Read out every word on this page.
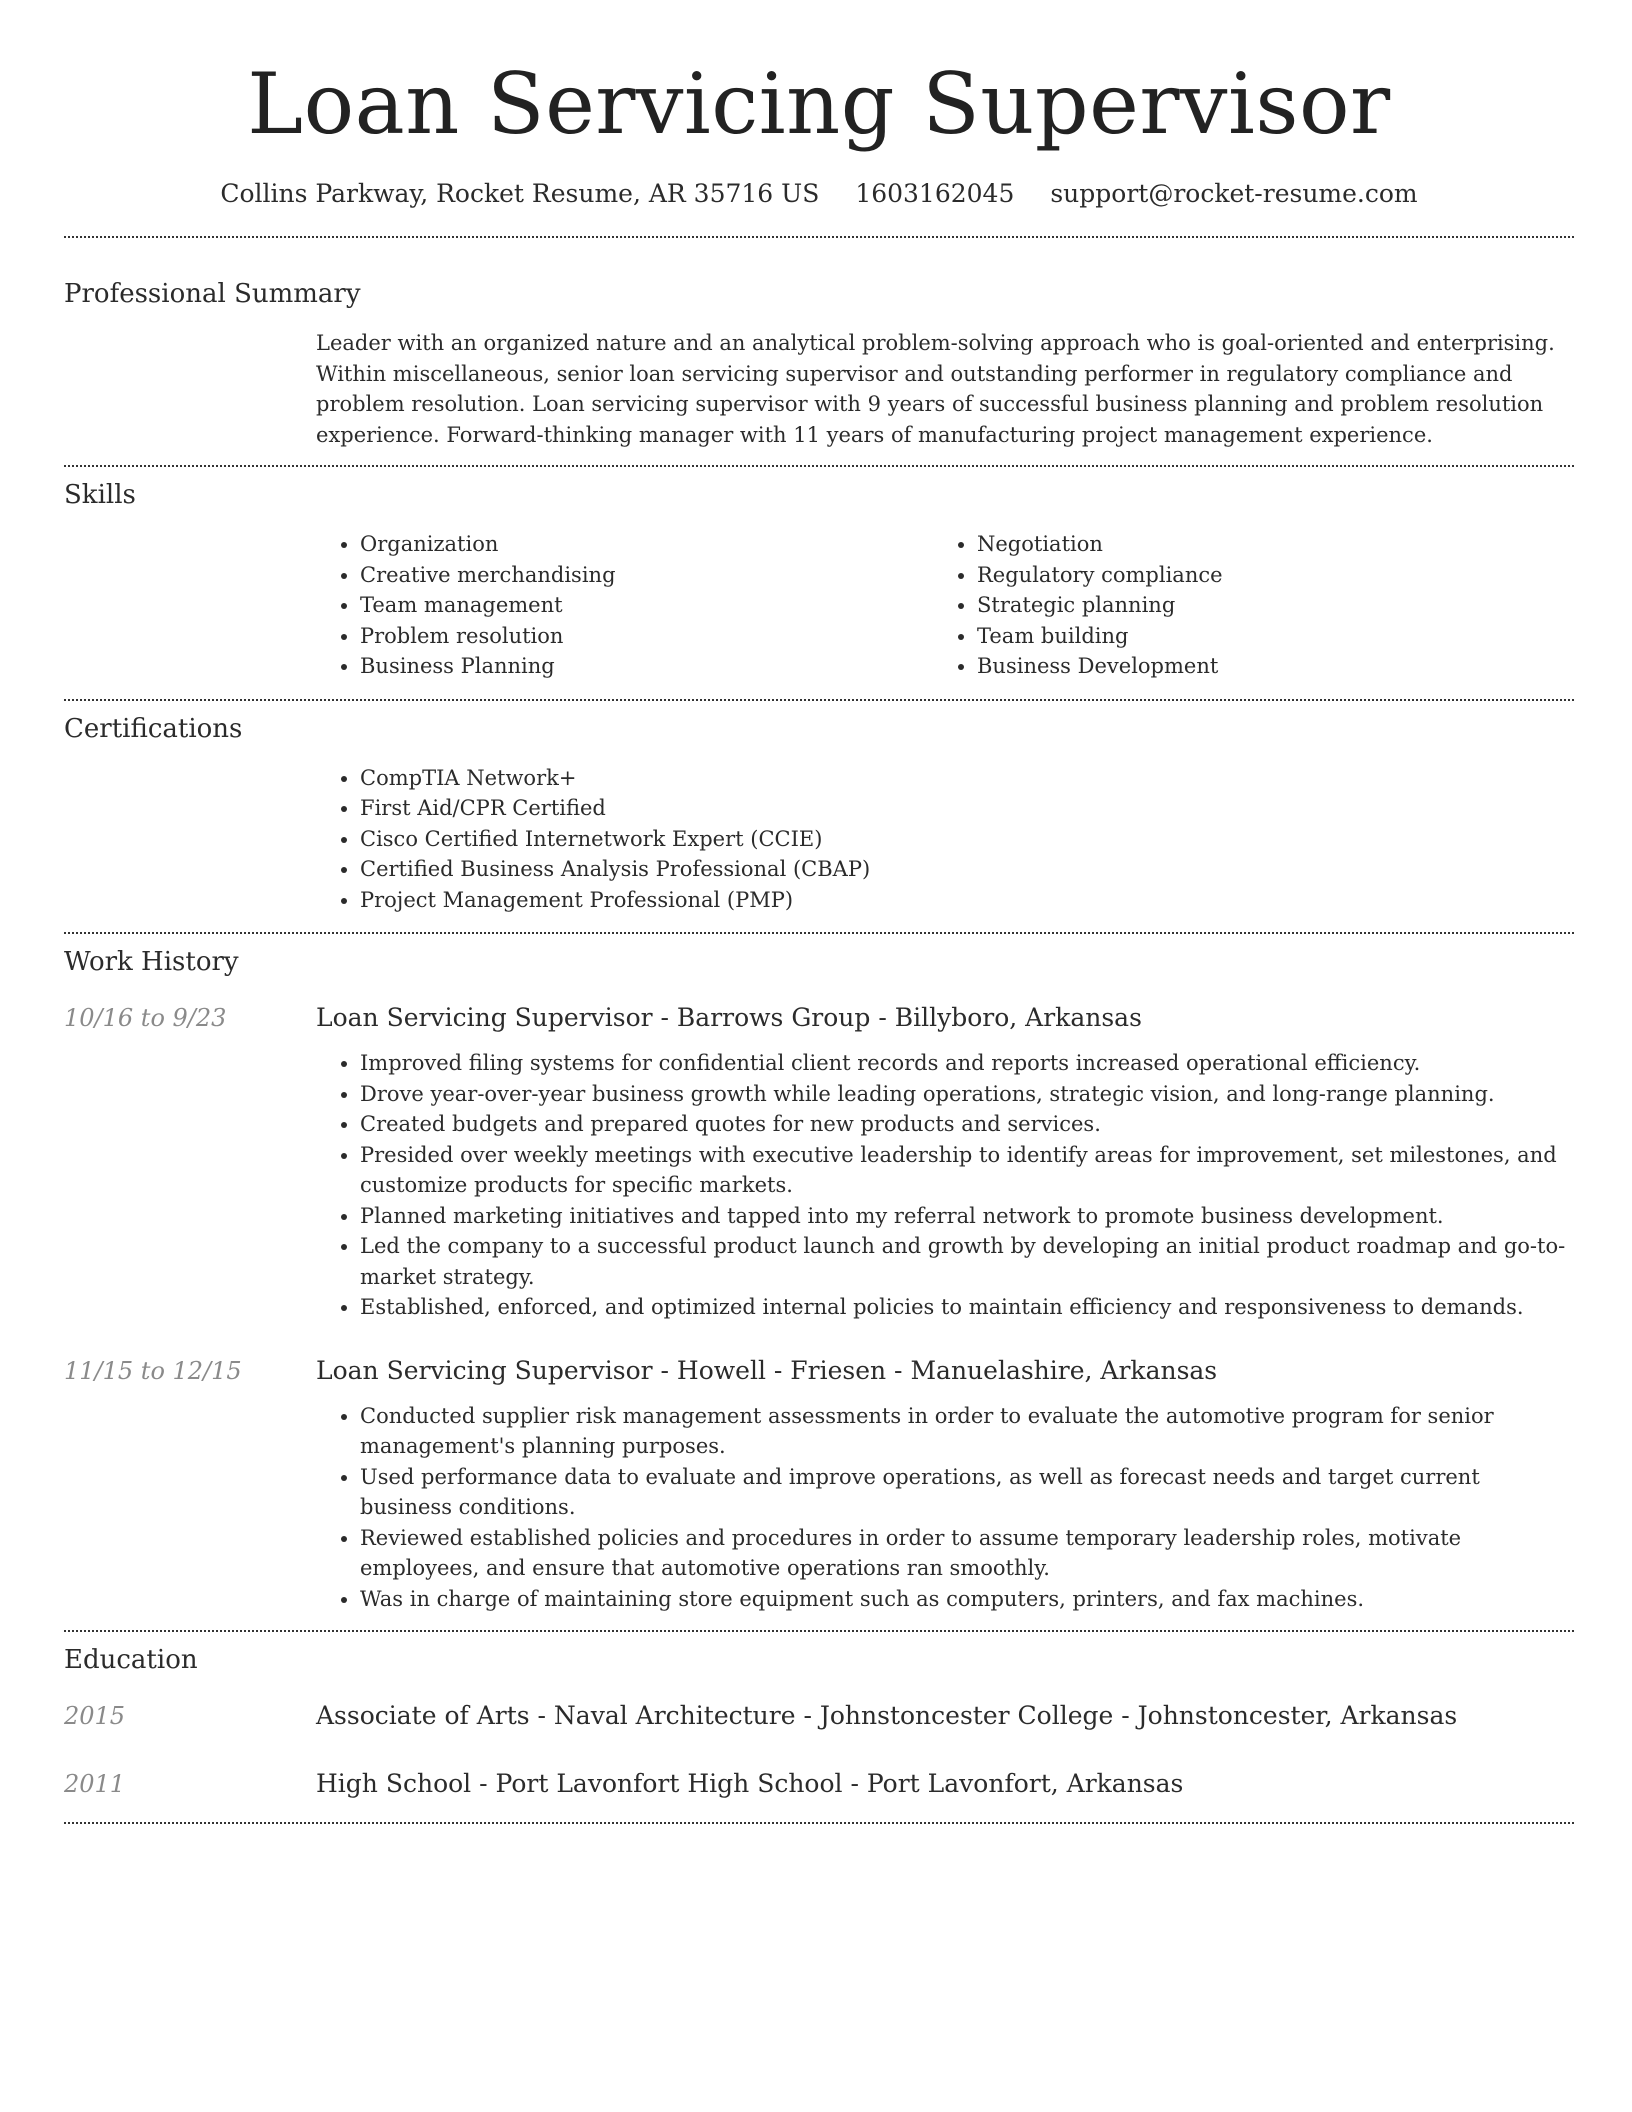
Loan Servicing Supervisor
Collins Parkway, Rocket Resume, AR 35716 US 1603162045 support@rocket-resume.com
Professional Summary
Leader with an organized nature and an analytical problem-solving approach who is goal-oriented and enterprising. Within miscellaneous, senior loan servicing supervisor and outstanding performer in regulatory compliance and problem resolution. Loan servicing supervisor with 9 years of successful business planning and problem resolution experience. Forward-thinking manager with 11 years of manufacturing project management experience.
Skills
• Organization
• Creative merchandising
• Team management
• Problem resolution
• Business Planning
• Negotiation
• Regulatory compliance
• Strategic planning
• Team building
• Business Development
Certifications
• CompTIA Network+
• First Aid/CPR Certified
• Cisco Certified Internetwork Expert (CCIE)
• Certified Business Analysis Professional (CBAP)
• Project Management Professional (PMP)
Work History
10/16 to 9/23	Loan Servicing Supervisor - Barrows Group - Billyboro, Arkansas
• Improved filing systems for confidential client records and reports increased operational efficiency.
• Drove year-over-year business growth while leading operations, strategic vision, and long-range planning.
• Created budgets and prepared quotes for new products and services.
• Presided over weekly meetings with executive leadership to identify areas for improvement, set milestones, and customize products for specific markets.
• Planned marketing initiatives and tapped into my referral network to promote business development.
• Led the company to a successful product launch and growth by developing an initial product roadmap and go-to-market strategy.
• Established, enforced, and optimized internal policies to maintain efficiency and responsiveness to demands.
11/15 to 12/15	Loan Servicing Supervisor - Howell - Friesen - Manuelashire, Arkansas
• Conducted supplier risk management assessments in order to evaluate the automotive program for senior management's planning purposes.
• Used performance data to evaluate and improve operations, as well as forecast needs and target current business conditions.
• Reviewed established policies and procedures in order to assume temporary leadership roles, motivate employees, and ensure that automotive operations ran smoothly.
• Was in charge of maintaining store equipment such as computers, printers, and fax machines.
Education
2015	Associate of Arts - Naval Architecture - Johnstoncester College - Johnstoncester, Arkansas
2011	High School - Port Lavonfort High School - Port Lavonfort, Arkansas
